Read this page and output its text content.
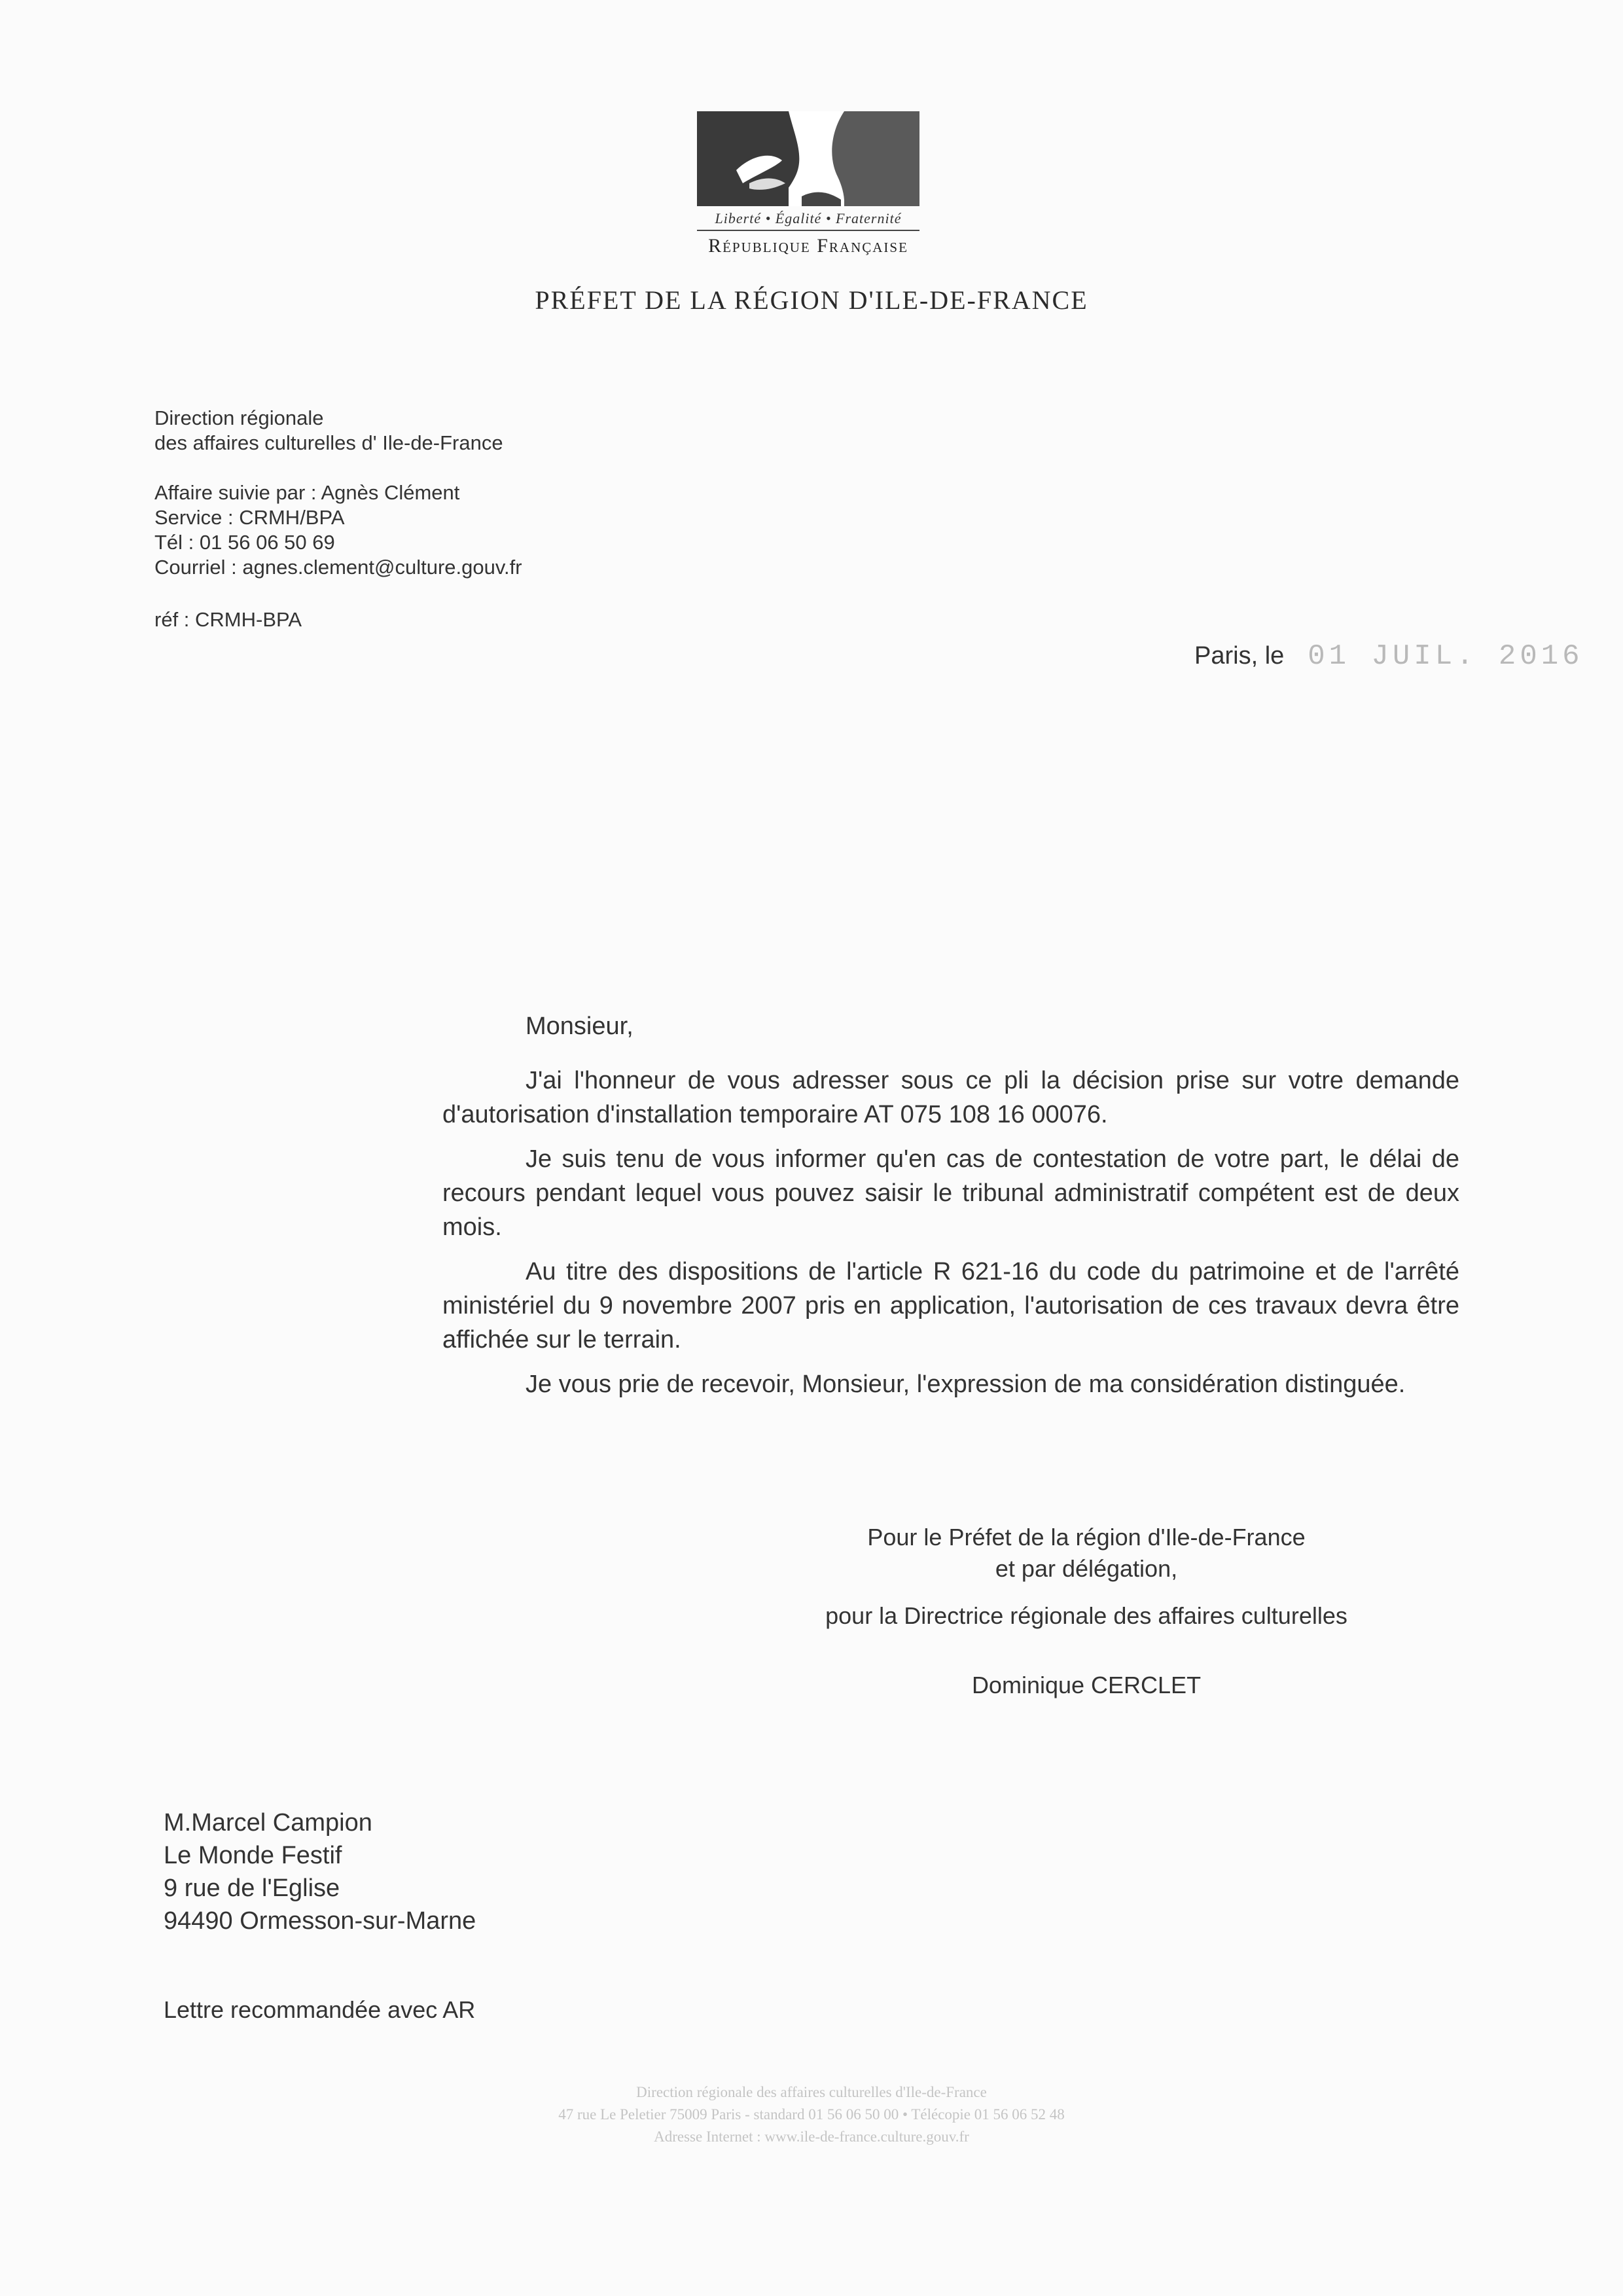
Liberté • Égalité • Fraternité
République Française
PRÉFET DE LA RÉGION D'ILE-DE-FRANCE

Direction régionale

des affaires culturelles d' Ile-de-France

Affaire suivie par : Agnès Clément

Service : CRMH/BPA

Tél : 01 56 06 50 69

Courriel : agnes.clement@culture.gouv.fr

réf : CRMH-BPA

Paris, le 01 JUIL. 2016
Monsieur,

J'ai l'honneur de vous adresser sous ce pli la décision prise sur votre demande d'autorisation d'installation temporaire AT 075 108 16 00076.

Je suis tenu de vous informer qu'en cas de contestation de votre part, le délai de recours pendant lequel vous pouvez saisir le tribunal administratif compétent est de deux mois.

Au titre des dispositions de l'article R 621-16 du code du patrimoine et de l'arrêté ministériel du 9 novembre 2007 pris en application, l'autorisation de ces travaux devra être affichée sur le terrain.

Je vous prie de recevoir, Monsieur, l'expression de ma considération distinguée.

Pour le Préfet de la région d'Ile-de-France

et par délégation,

pour la Directrice régionale des affaires culturelles

Dominique CERCLET

M.Marcel Campion

Le Monde Festif

9 rue de l'Eglise

94490 Ormesson-sur-Marne

Lettre recommandée avec AR

Direction régionale des affaires culturelles d'Ile-de-France

47 rue Le Peletier 75009 Paris - standard 01 56 06 50 00 • Télécopie 01 56 06 52 48

Adresse Internet : www.ile-de-france.culture.gouv.fr
